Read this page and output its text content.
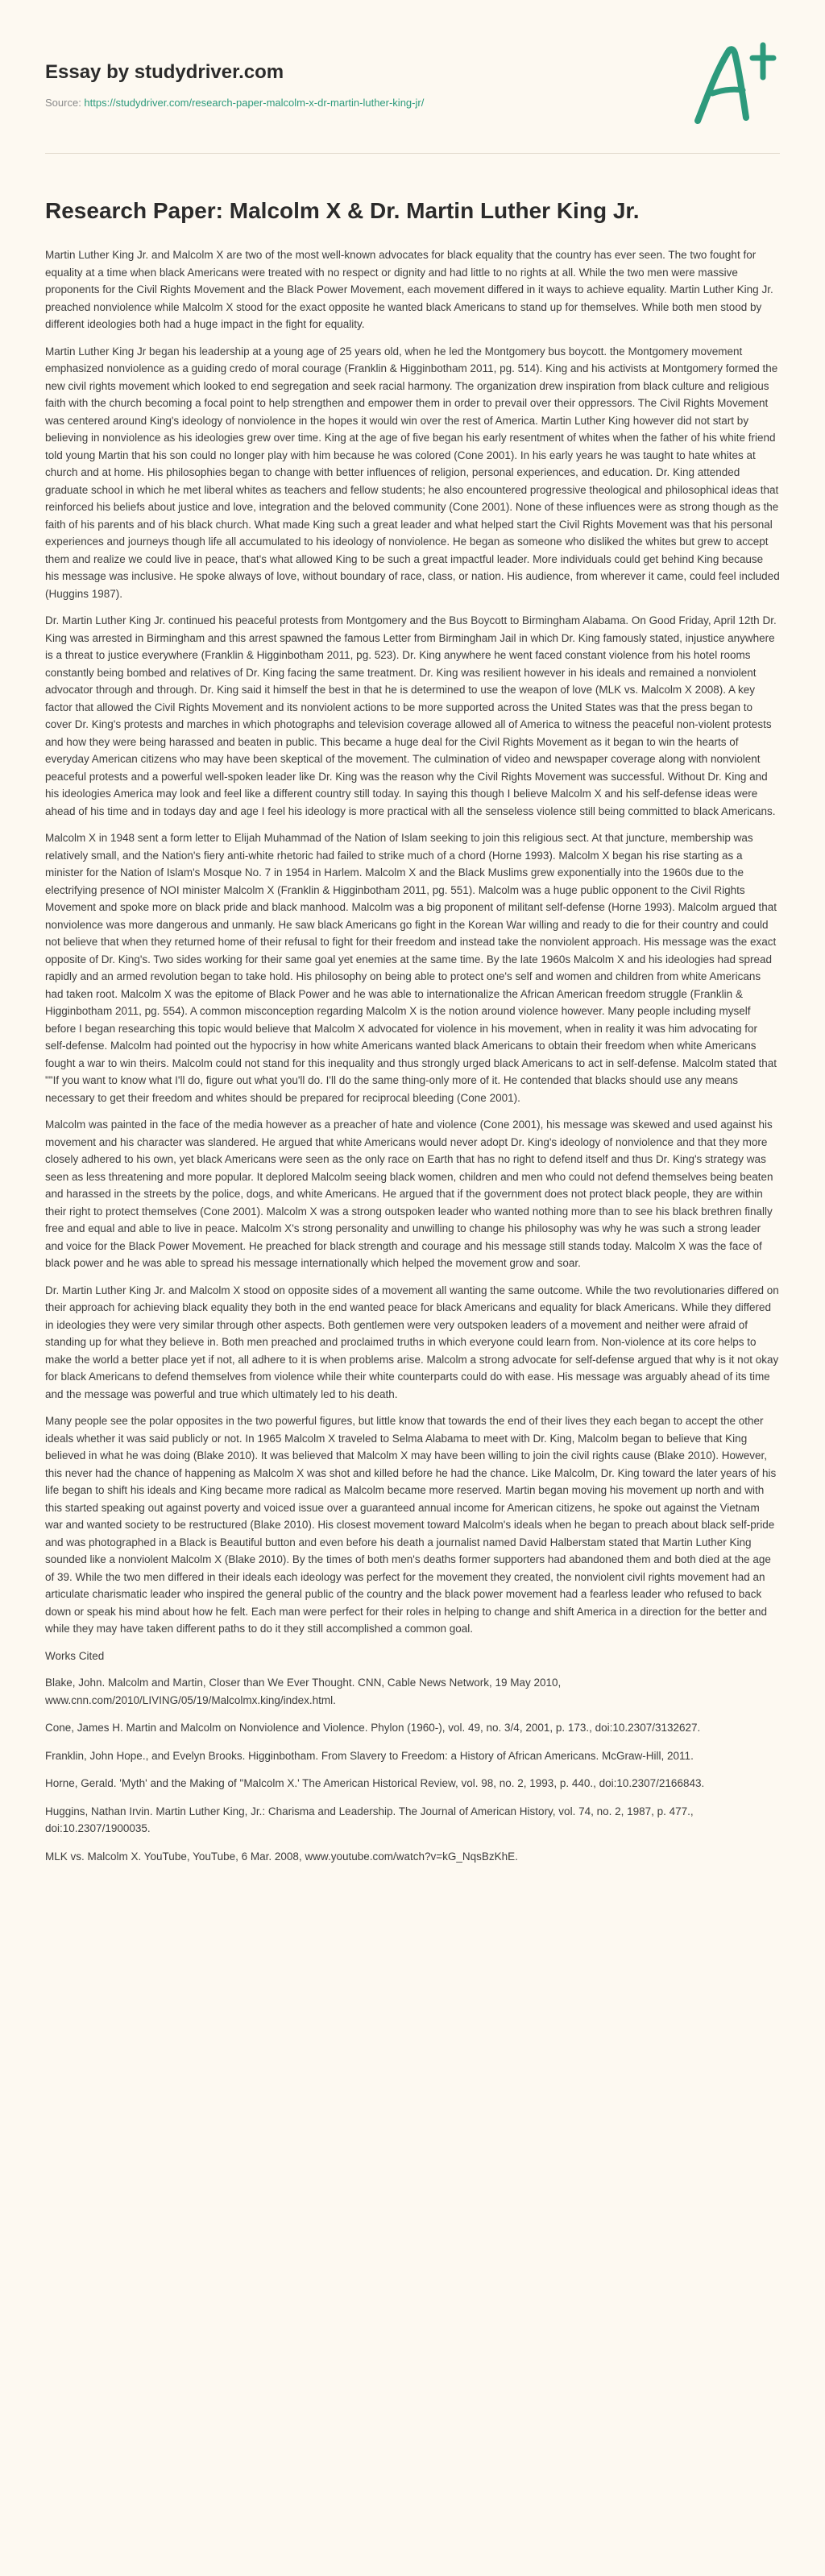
Essay by studydriver.com
Source: https://studydriver.com/research-paper-malcolm-x-dr-martin-luther-king-jr/
Research Paper: Malcolm X & Dr. Martin Luther King Jr.

Martin Luther King Jr. and Malcolm X are two of the most well-known advocates for black equality that the country has ever seen. The two fought for equality at a time when black Americans were treated with no respect or dignity and had little to no rights at all. While the two men were massive proponents for the Civil Rights Movement and the Black Power Movement, each movement differed in it ways to achieve equality. Martin Luther King Jr. preached nonviolence while Malcolm X stood for the exact opposite he wanted black Americans to stand up for themselves. While both men stood by different ideologies both had a huge impact in the fight for equality.

Martin Luther King Jr began his leadership at a young age of 25 years old, when he led the Montgomery bus boycott. the Montgomery movement emphasized nonviolence as a guiding credo of moral courage (Franklin & Higginbotham 2011, pg. 514). King and his activists at Montgomery formed the new civil rights movement which looked to end segregation and seek racial harmony. The organization drew inspiration from black culture and religious faith with the church becoming a focal point to help strengthen and empower them in order to prevail over their oppressors. The Civil Rights Movement was centered around King's ideology of nonviolence in the hopes it would win over the rest of America. Martin Luther King however did not start by believing in nonviolence as his ideologies grew over time. King at the age of five began his early resentment of whites when the father of his white friend told young Martin that his son could no longer play with him because he was colored (Cone 2001). In his early years he was taught to hate whites at church and at home. His philosophies began to change with better influences of religion, personal experiences, and education. Dr. King attended graduate school in which he met liberal whites as teachers and fellow students; he also encountered progressive theological and philosophical ideas that reinforced his beliefs about justice and love, integration and the beloved community (Cone 2001). None of these influences were as strong though as the faith of his parents and of his black church. What made King such a great leader and what helped start the Civil Rights Movement was that his personal experiences and journeys though life all accumulated to his ideology of nonviolence. He began as someone who disliked the whites but grew to accept them and realize we could live in peace, that's what allowed King to be such a great impactful leader. More individuals could get behind King because his message was inclusive. He spoke always of love, without boundary of race, class, or nation. His audience, from wherever it came, could feel included (Huggins 1987).

Dr. Martin Luther King Jr. continued his peaceful protests from Montgomery and the Bus Boycott to Birmingham Alabama. On Good Friday, April 12th Dr. King was arrested in Birmingham and this arrest spawned the famous Letter from Birmingham Jail in which Dr. King famously stated, injustice anywhere is a threat to justice everywhere (Franklin & Higginbotham 2011, pg. 523). Dr. King anywhere he went faced constant violence from his hotel rooms constantly being bombed and relatives of Dr. King facing the same treatment. Dr. King was resilient however in his ideals and remained a nonviolent advocator through and through. Dr. King said it himself the best in that he is determined to use the weapon of love (MLK vs. Malcolm X 2008). A key factor that allowed the Civil Rights Movement and its nonviolent actions to be more supported across the United States was that the press began to cover Dr. King's protests and marches in which photographs and television coverage allowed all of America to witness the peaceful non-violent protests and how they were being harassed and beaten in public. This became a huge deal for the Civil Rights Movement as it began to win the hearts of everyday American citizens who may have been skeptical of the movement. The culmination of video and newspaper coverage along with nonviolent peaceful protests and a powerful well-spoken leader like Dr. King was the reason why the Civil Rights Movement was successful. Without Dr. King and his ideologies America may look and feel like a different country still today. In saying this though I believe Malcolm X and his self-defense ideas were ahead of his time and in todays day and age I feel his ideology is more practical with all the senseless violence still being committed to black Americans.

Malcolm X in 1948 sent a form letter to Elijah Muhammad of the Nation of Islam seeking to join this religious sect. At that juncture, membership was relatively small, and the Nation's fiery anti-white rhetoric had failed to strike much of a chord (Horne 1993). Malcolm X began his rise starting as a minister for the Nation of Islam's Mosque No. 7 in 1954 in Harlem. Malcolm X and the Black Muslims grew exponentially into the 1960s due to the electrifying presence of NOI minister Malcolm X (Franklin & Higginbotham 2011, pg. 551). Malcolm was a huge public opponent to the Civil Rights Movement and spoke more on black pride and black manhood. Malcolm was a big proponent of militant self-defense (Horne 1993). Malcolm argued that nonviolence was more dangerous and unmanly. He saw black Americans go fight in the Korean War willing and ready to die for their country and could not believe that when they returned home of their refusal to fight for their freedom and instead take the nonviolent approach. His message was the exact opposite of Dr. King's. Two sides working for their same goal yet enemies at the same time. By the late 1960s Malcolm X and his ideologies had spread rapidly and an armed revolution began to take hold. His philosophy on being able to protect one's self and women and children from white Americans had taken root. Malcolm X was the epitome of Black Power and he was able to internationalize the African American freedom struggle (Franklin & Higginbotham 2011, pg. 554). A common misconception regarding Malcolm X is the notion around violence however. Many people including myself before I began researching this topic would believe that Malcolm X advocated for violence in his movement, when in reality it was him advocating for self-defense. Malcolm had pointed out the hypocrisy in how white Americans wanted black Americans to obtain their freedom when white Americans fought a war to win theirs. Malcolm could not stand for this inequality and thus strongly urged black Americans to act in self-defense. Malcolm stated that ""If you want to know what I'll do, figure out what you'll do. I'll do the same thing-only more of it. He contended that blacks should use any means necessary to get their freedom and whites should be prepared for reciprocal bleeding (Cone 2001).

Malcolm was painted in the face of the media however as a preacher of hate and violence (Cone 2001), his message was skewed and used against his movement and his character was slandered. He argued that white Americans would never adopt Dr. King's ideology of nonviolence and that they more closely adhered to his own, yet black Americans were seen as the only race on Earth that has no right to defend itself and thus Dr. King's strategy was seen as less threatening and more popular. It deplored Malcolm seeing black women, children and men who could not defend themselves being beaten and harassed in the streets by the police, dogs, and white Americans. He argued that if the government does not protect black people, they are within their right to protect themselves (Cone 2001). Malcolm X was a strong outspoken leader who wanted nothing more than to see his black brethren finally free and equal and able to live in peace. Malcolm X's strong personality and unwilling to change his philosophy was why he was such a strong leader and voice for the Black Power Movement. He preached for black strength and courage and his message still stands today. Malcolm X was the face of black power and he was able to spread his message internationally which helped the movement grow and soar.

Dr. Martin Luther King Jr. and Malcolm X stood on opposite sides of a movement all wanting the same outcome. While the two revolutionaries differed on their approach for achieving black equality they both in the end wanted peace for black Americans and equality for black Americans. While they differed in ideologies they were very similar through other aspects. Both gentlemen were very outspoken leaders of a movement and neither were afraid of standing up for what they believe in. Both men preached and proclaimed truths in which everyone could learn from. Non-violence at its core helps to make the world a better place yet if not, all adhere to it is when problems arise. Malcolm a strong advocate for self-defense argued that why is it not okay for black Americans to defend themselves from violence while their white counterparts could do with ease. His message was arguably ahead of its time and the message was powerful and true which ultimately led to his death.

Many people see the polar opposites in the two powerful figures, but little know that towards the end of their lives they each began to accept the other ideals whether it was said publicly or not. In 1965 Malcolm X traveled to Selma Alabama to meet with Dr. King, Malcolm began to believe that King believed in what he was doing (Blake 2010). It was believed that Malcolm X may have been willing to join the civil rights cause (Blake 2010). However, this never had the chance of happening as Malcolm X was shot and killed before he had the chance. Like Malcolm, Dr. King toward the later years of his life began to shift his ideals and King became more radical as Malcolm became more reserved. Martin began moving his movement up north and with this started speaking out against poverty and voiced issue over a guaranteed annual income for American citizens, he spoke out against the Vietnam war and wanted society to be restructured (Blake 2010). His closest movement toward Malcolm's ideals when he began to preach about black self-pride and was photographed in a Black is Beautiful button and even before his death a journalist named David Halberstam stated that Martin Luther King sounded like a nonviolent Malcolm X (Blake 2010). By the times of both men's deaths former supporters had abandoned them and both died at the age of 39. While the two men differed in their ideals each ideology was perfect for the movement they created, the nonviolent civil rights movement had an articulate charismatic leader who inspired the general public of the country and the black power movement had a fearless leader who refused to back down or speak his mind about how he felt. Each man were perfect for their roles in helping to change and shift America in a direction for the better and while they may have taken different paths to do it they still accomplished a common goal.

Works Cited

Blake, John. Malcolm and Martin, Closer than We Ever Thought. CNN, Cable News Network, 19 May 2010, www.cnn.com/2010/LIVING/05/19/Malcolmx.king/index.html.

Cone, James H. Martin and Malcolm on Nonviolence and Violence. Phylon (1960-), vol. 49, no. 3/4, 2001, p. 173., doi:10.2307/3132627.

Franklin, John Hope., and Evelyn Brooks. Higginbotham. From Slavery to Freedom: a History of African Americans. McGraw-Hill, 2011.

Horne, Gerald. 'Myth' and the Making of "Malcolm X.' The American Historical Review, vol. 98, no. 2, 1993, p. 440., doi:10.2307/2166843.

Huggins, Nathan Irvin. Martin Luther King, Jr.: Charisma and Leadership. The Journal of American History, vol. 74, no. 2, 1987, p. 477., doi:10.2307/1900035.

MLK vs. Malcolm X. YouTube, YouTube, 6 Mar. 2008, www.youtube.com/watch?v=kG_NqsBzKhE.
